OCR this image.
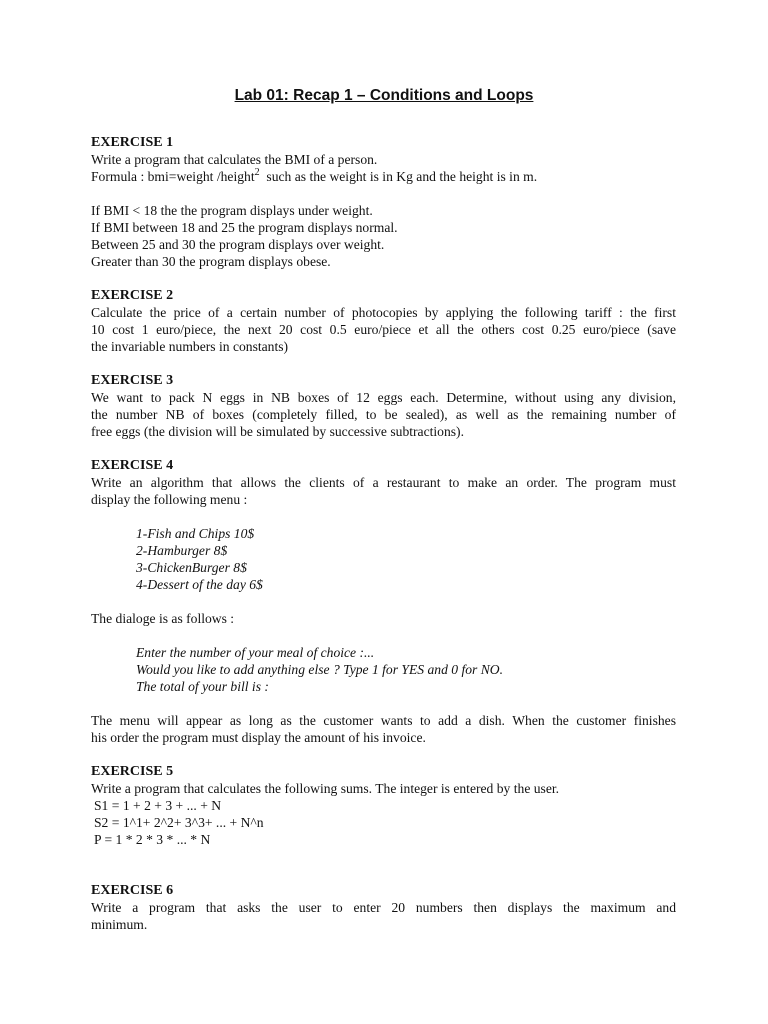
Lab 01: Recap 1 – Conditions and Loops

EXERCISE 1

Write a program that calculates the BMI of a person.

Formula : bmi=weight /height$^2$ such as the weight is in Kg and the height is in m.

If BMI < 18 the the program displays under weight.

If BMI between 18 and 25 the program displays normal.

Between 25 and 30 the program displays over weight.

Greater than 30 the program displays obese.

EXERCISE 2

Calculate the price of a certain number of photocopies by applying the following tariff : the first

10 cost 1 euro/piece, the next 20 cost 0.5 euro/piece et all the others cost 0.25 euro/piece (save

the invariable numbers in constants)

EXERCISE 3

We want to pack N eggs in NB boxes of 12 eggs each. Determine, without using any division,

the number NB of boxes (completely filled, to be sealed), as well as the remaining number of

free eggs (the division will be simulated by successive subtractions).

EXERCISE 4

Write an algorithm that allows the clients of a restaurant to make an order. The program must

display the following menu :

1-Fish and Chips 10$

2-Hamburger 8$

3-ChickenBurger 8$

4-Dessert of the day 6$

The dialoge is as follows :

Enter the number of your meal of choice :...

Would you like to add anything else ? Type 1 for YES and 0 for NO.

The total of your bill is :

The menu will appear as long as the customer wants to add a dish. When the customer finishes

his order the program must display the amount of his invoice.

EXERCISE 5

Write a program that calculates the following sums. The integer is entered by the user.

S1 = 1 + 2 + 3 + ... + N

S2 = 1^1+ 2^2+ 3^3+ ... + N^n

P = 1 * 2 * 3 * ... * N

EXERCISE 6

Write a program that asks the user to enter 20 numbers then displays the maximum and

minimum.
